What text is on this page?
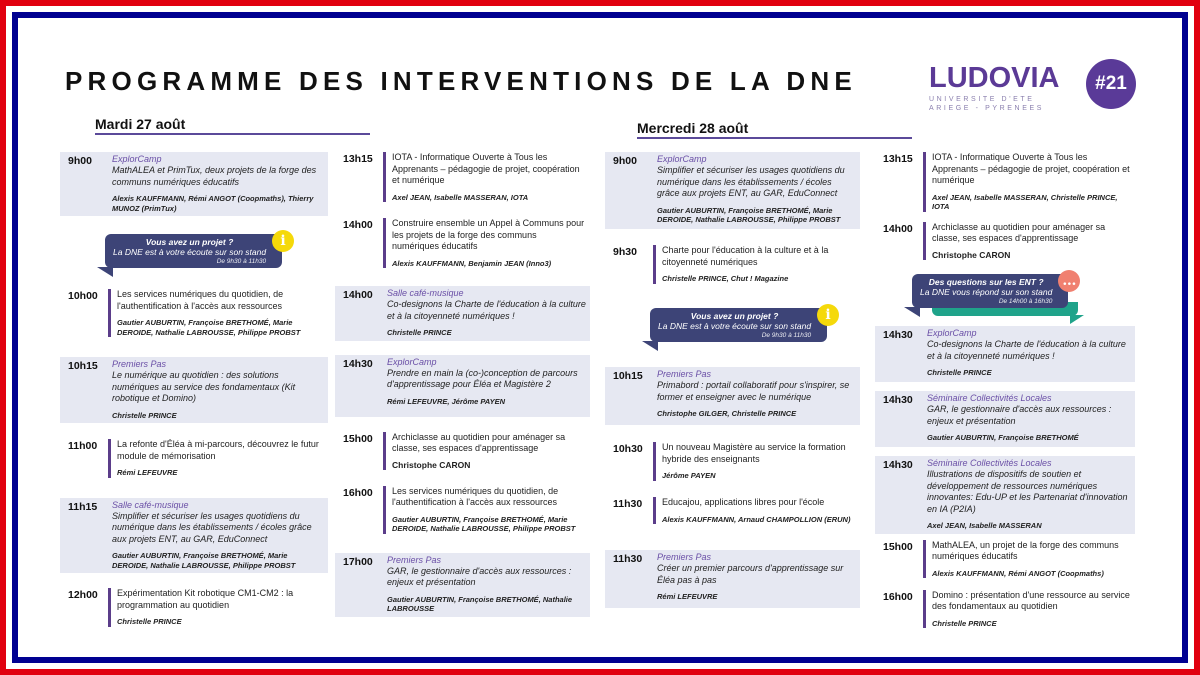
PROGRAMME DES INTERVENTIONS DE LA DNE LUDOVIA
UNIVERSITE D'ETE
ARIEGE - PYRENEES
#21
Mardi 27 août	Mercredi 28 août
9h00 ExplorCamp
MathALEA et PrimTux, deux projets de la forge des communs numériques éducatifs
Alexis KAUFFMANN, Rémi ANGOT (Coopmaths), Thierry MUNOZ (PrimTux)
Vous avez un projet ?
La DNE est à votre écoute sur son stand
De 9h30 à 11h30
i
10h00 Les services numériques du quotidien, de l'authentification à l'accès aux ressources
Gautier AUBURTIN, Françoise BRETHOMÉ, Marie DEROIDE, Nathalie LABROUSSE, Philippe PROBST
10h15 Premiers Pas
Le numérique au quotidien : des solutions numériques au service des fondamentaux (Kit robotique et Domino)
Christelle PRINCE
11h00 La refonte d'Éléa à mi-parcours, découvrez le futur module de mémorisation
Rémi LEFEUVRE
11h15 Salle café-musique
Simplifier et sécuriser les usages quotidiens du numérique dans les établissements / écoles grâce aux projets ENT, au GAR, EduConnect
Gautier AUBURTIN, Françoise BRETHOMÉ, Marie DEROIDE, Nathalie LABROUSSE, Philippe PROBST
12h00 Expérimentation Kit robotique CM1-CM2 : la programmation au quotidien
Christelle PRINCE
13h15 IOTA - Informatique Ouverte à Tous les Apprenants – pédagogie de projet, coopération et numérique
Axel JEAN, Isabelle MASSERAN, IOTA
14h00 Construire ensemble un Appel à Communs pour les projets de la forge des communs numériques éducatifs
Alexis KAUFFMANN, Benjamin JEAN (Inno3)
14h00 Salle café-musique
Co-designons la Charte de l'éducation à la culture et à la citoyenneté numériques !
Christelle PRINCE
14h30 ExplorCamp
Prendre en main la (co-)conception de parcours d'apprentissage pour Éléa et Magistère 2
Rémi LEFEUVRE, Jérôme PAYEN
15h00 Archiclasse au quotidien pour aménager sa classe, ses espaces d'apprentissage
Christophe CARON
16h00 Les services numériques du quotidien, de l'authentification à l'accès aux ressources
Gautier AUBURTIN, Françoise BRETHOMÉ, Marie DEROIDE, Nathalie LABROUSSE, Philippe PROBST
17h00 Premiers Pas
GAR, le gestionnaire d'accès aux ressources : enjeux et présentation
Gautier AUBURTIN, Françoise BRETHOMÉ, Nathalie LABROUSSE
9h00 ExplorCamp
Simplifier et sécuriser les usages quotidiens du numérique dans les établissements / écoles grâce aux projets ENT, au GAR, EduConnect
Gautier AUBURTIN, Françoise BRETHOMÉ, Marie DEROIDE, Nathalie LABROUSSE, Philippe PROBST
9h30	Charte pour l'éducation à la culture et à la citoyenneté numériques
Christelle PRINCE, Chut ! Magazine
Vous avez un projet ?
La DNE est à votre écoute sur son stand
De 9h30 à 11h30
i
10h15 Premiers Pas
Primabord : portail collaboratif pour s'inspirer, se former et enseigner avec le numérique
Christophe GILGER, Christelle PRINCE
10h30 Un nouveau Magistère au service la formation hybride des enseignants
Jérôme PAYEN
11h30 Educajou, applications libres pour l'école
Alexis KAUFFMANN, Arnaud CHAMPOLLION (ERUN)
11h30 Premiers Pas
Créer un premier parcours d'apprentissage sur Éléa pas à pas
Rémi LEFEUVRE
13h15 IOTA - Informatique Ouverte à Tous les Apprenants – pédagogie de projet, coopération et numérique
Axel JEAN, Isabelle MASSERAN, Christelle PRINCE, IOTA
14h00 Archiclasse au quotidien pour aménager sa classe, ses espaces d'apprentissage
Christophe CARON
Des questions sur les ENT ?
La DNE vous répond sur son stand
De 14h00 à 16h30
…
14h30 ExplorCamp
Co-designons la Charte de l'éducation à la culture et à la citoyenneté numériques !
Christelle PRINCE
14h30 Séminaire Collectivités Locales
GAR, le gestionnaire d'accès aux ressources : enjeux et présentation
Gautier AUBURTIN, Françoise BRETHOMÉ
14h30 Séminaire Collectivités Locales
Illustrations de dispositifs de soutien et développement de ressources numériques innovantes: Edu-UP et les Partenariat d'innovation en IA (P2IA)
Axel JEAN, Isabelle MASSERAN
15h00 MathALEA, un projet de la forge des communs numériques éducatifs
Alexis KAUFFMANN, Rémi ANGOT (Coopmaths)
16h00 Domino : présentation d'une ressource au service des fondamentaux au quotidien
Christelle PRINCE
